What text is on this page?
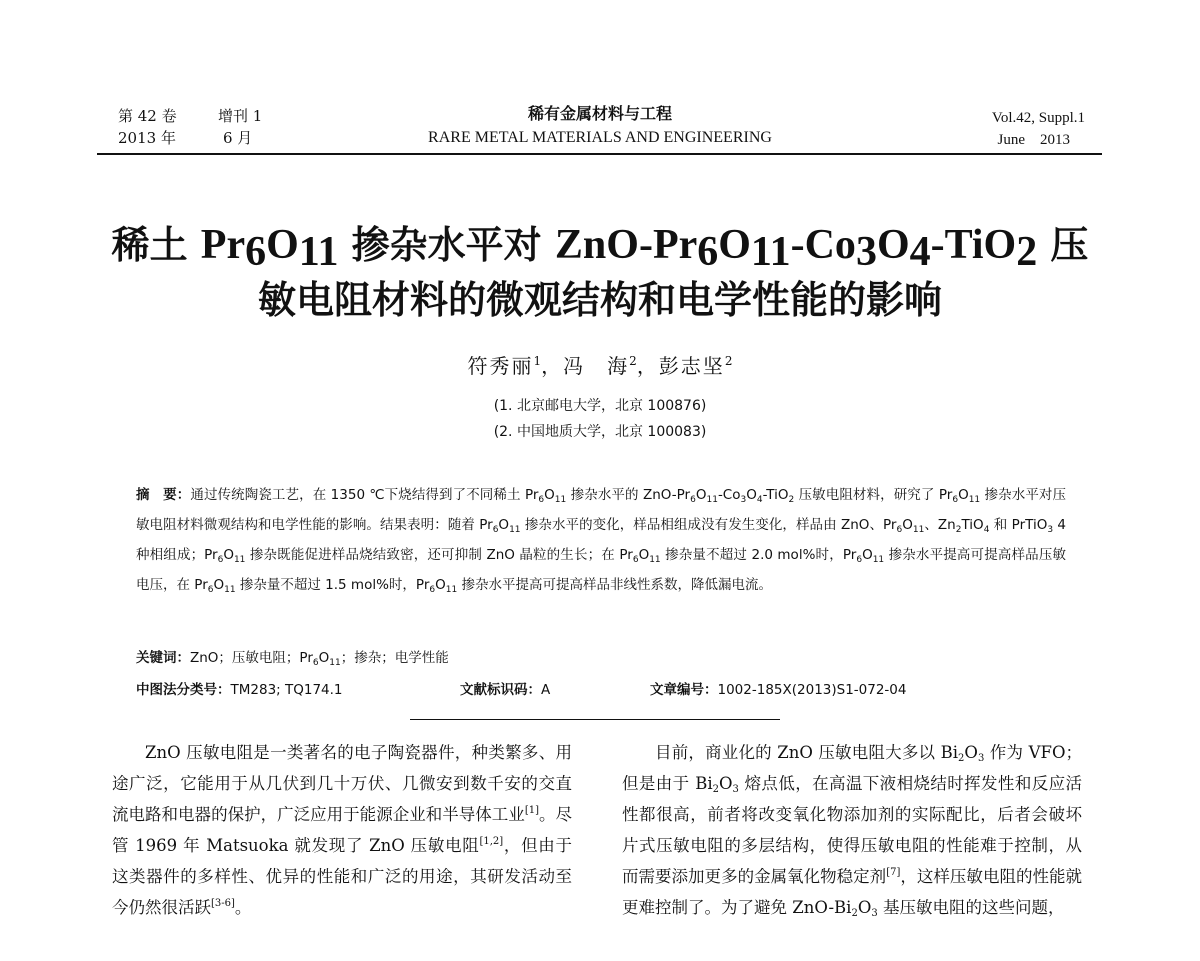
第 42 卷	增刊 1
2013 年	6 月
稀有金属材料与工程
RARE METAL MATERIALS AND ENGINEERING
Vol.42, Suppl.1
June    2013
稀土 $Pr_6O_{11}$ 掺杂水平对 ZnO-$Pr_6O_{11}-Co_3O_4-TiO_2$ 压
敏电阻材料的微观结构和电学性能的影响
符秀丽$^1$，冯　海$^2$，彭志坚$^2$
(1. 北京邮电大学，北京 100876)
(2. 中国地质大学，北京 100083)
摘　要：通过传统陶瓷工艺，在 1350 ℃下烧结得到了不同稀土 $Pr_6O_{11}$ 掺杂水平的 ZnO-$Pr_6O_{11}-Co_3O_4-TiO_2$ 压敏电阻材料，研究了 $Pr_6O_{11}$ 掺杂水平对压敏电阻材料微观结构和电学性能的影响。结果表明：随着 $Pr_6O_{11}$ 掺杂水平的变化，样品相组成没有发生变化，样品由 ZnO、$Pr_6O_{11}$、$Zn_2TiO_4$ 和 PrTiO$_3$ 4 种相组成；$Pr_6O_{11}$ 掺杂既能促进样品烧结致密，还可抑制 ZnO 晶粒的生长；在 $Pr_6O_{11}$ 掺杂量不超过 2.0 mol%时，$Pr_6O_{11}$ 掺杂水平提高可提高样品压敏电压，在 $Pr_6O_{11}$ 掺杂量不超过 1.5 mol%时，$Pr_6O_{11}$ 掺杂水平提高可提高样品非线性系数，降低漏电流。
关键词：ZnO；压敏电阻；$Pr_6O_{11}$；掺杂；电学性能
中图法分类号：TM283; TQ174.1	文献标识码：A	文章编号：1002-185X(2013)S1-072-04

ZnO 压敏电阻是一类著名的电子陶瓷器件，种类繁多、用途广泛，它能用于从几伏到几十万伏、几微安到数千安的交直流电路和电器的保护，广泛应用于能源企业和半导体工业[1]。尽管 1969 年 Matsuoka 就发现了 ZnO 压敏电阻[1,2]，但由于这类器件的多样性、优异的性能和广泛的用途，其研发活动至今仍然很活跃[3-6]。

目前，商业化的 ZnO 压敏电阻大多以 $Bi_2O_3$ 作为 VFO；但是由于 $Bi_2O_3$ 熔点低，在高温下液相烧结时挥发性和反应活性都很高，前者将改变氧化物添加剂的实际配比，后者会破坏片式压敏电阻的多层结构，使得压敏电阻的性能难于控制，从而需要添加更多的金属氧化物稳定剂[7]，这样压敏电阻的性能就更难控制了。为了避免 ZnO-$Bi_2O_3$ 基压敏电阻的这些问题，
